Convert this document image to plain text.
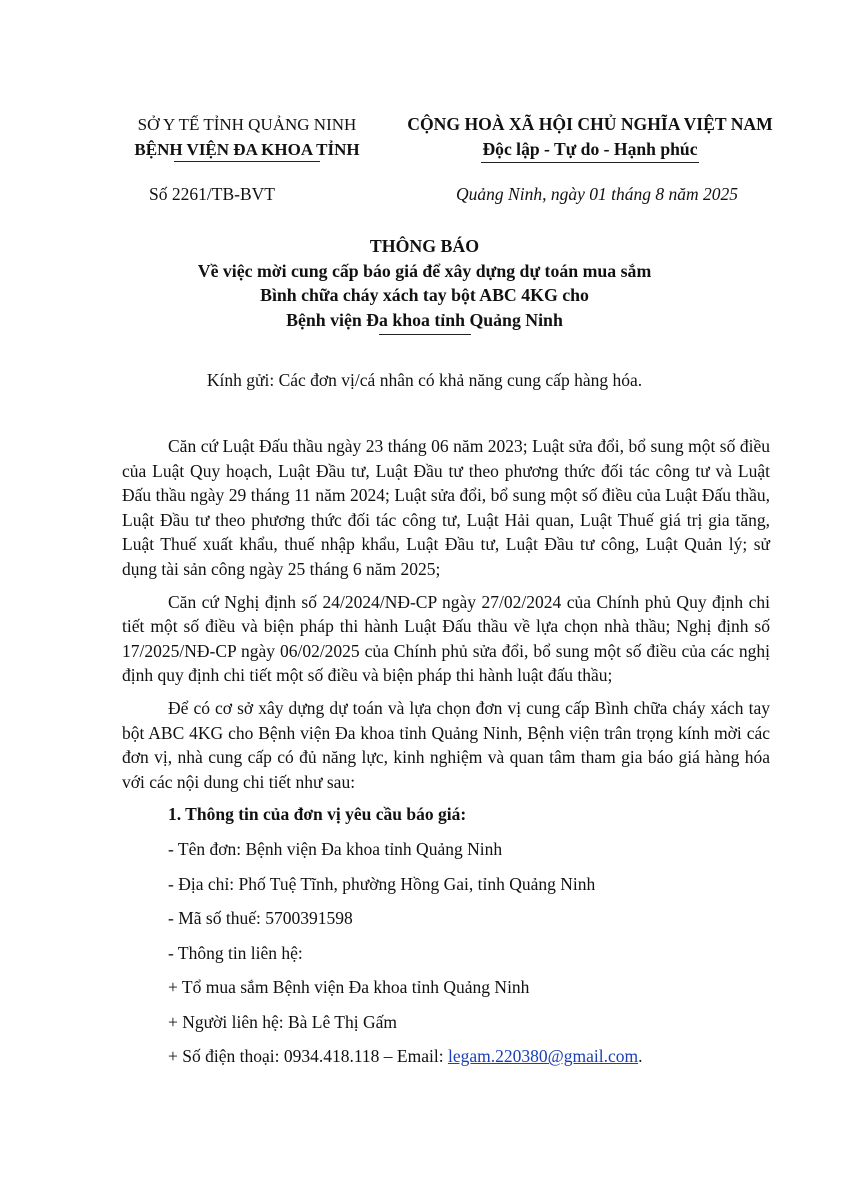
SỞ Y TẾ TỈNH QUẢNG NINH
BỆNH VIỆN ĐA KHOA TỈNH
CỘNG HOÀ XÃ HỘI CHỦ NGHĨA VIỆT NAM
Độc lập - Tự do - Hạnh phúc
Số 2261/TB-BVT	Quảng Ninh, ngày 01 tháng 8 năm 2025
THÔNG BÁO
Về việc mời cung cấp báo giá để xây dựng dự toán mua sắm
Bình chữa cháy xách tay bột ABC 4KG cho
Bệnh viện Đa khoa tỉnh Quảng Ninh
Kính gửi: Các đơn vị/cá nhân có khả năng cung cấp hàng hóa.

Căn cứ Luật Đấu thầu ngày 23 tháng 06 năm 2023; Luật sửa đổi, bổ sung một số điều của Luật Quy hoạch, Luật Đầu tư, Luật Đầu tư theo phương thức đối tác công tư và Luật Đấu thầu ngày 29 tháng 11 năm 2024; Luật sửa đổi, bổ sung một số điều của Luật Đấu thầu, Luật Đầu tư theo phương thức đối tác công tư, Luật Hải quan, Luật Thuế giá trị gia tăng, Luật Thuế xuất khẩu, thuế nhập khẩu, Luật Đầu tư, Luật Đầu tư công, Luật Quản lý; sử dụng tài sản công ngày 25 tháng 6 năm 2025;

Căn cứ Nghị định số 24/2024/NĐ-CP ngày 27/02/2024 của Chính phủ Quy định chi tiết một số điều và biện pháp thi hành Luật Đấu thầu về lựa chọn nhà thầu; Nghị định số 17/2025/NĐ-CP ngày 06/02/2025 của Chính phủ sửa đổi, bổ sung một số điều của các nghị định quy định chi tiết một số điều và biện pháp thi hành luật đấu thầu;

Để có cơ sở xây dựng dự toán và lựa chọn đơn vị cung cấp Bình chữa cháy xách tay bột ABC 4KG cho Bệnh viện Đa khoa tỉnh Quảng Ninh, Bệnh viện trân trọng kính mời các đơn vị, nhà cung cấp có đủ năng lực, kinh nghiệm và quan tâm tham gia báo giá hàng hóa với các nội dung chi tiết như sau:

1. Thông tin của đơn vị yêu cầu báo giá:
- Tên đơn: Bệnh viện Đa khoa tỉnh Quảng Ninh
- Địa chỉ: Phố Tuệ Tĩnh, phường Hồng Gai, tỉnh Quảng Ninh
- Mã số thuế: 5700391598
- Thông tin liên hệ:
+ Tổ mua sắm Bệnh viện Đa khoa tỉnh Quảng Ninh
+ Người liên hệ: Bà Lê Thị Gấm
+ Số điện thoại: 0934.418.118 – Email: legam.220380@gmail.com.
